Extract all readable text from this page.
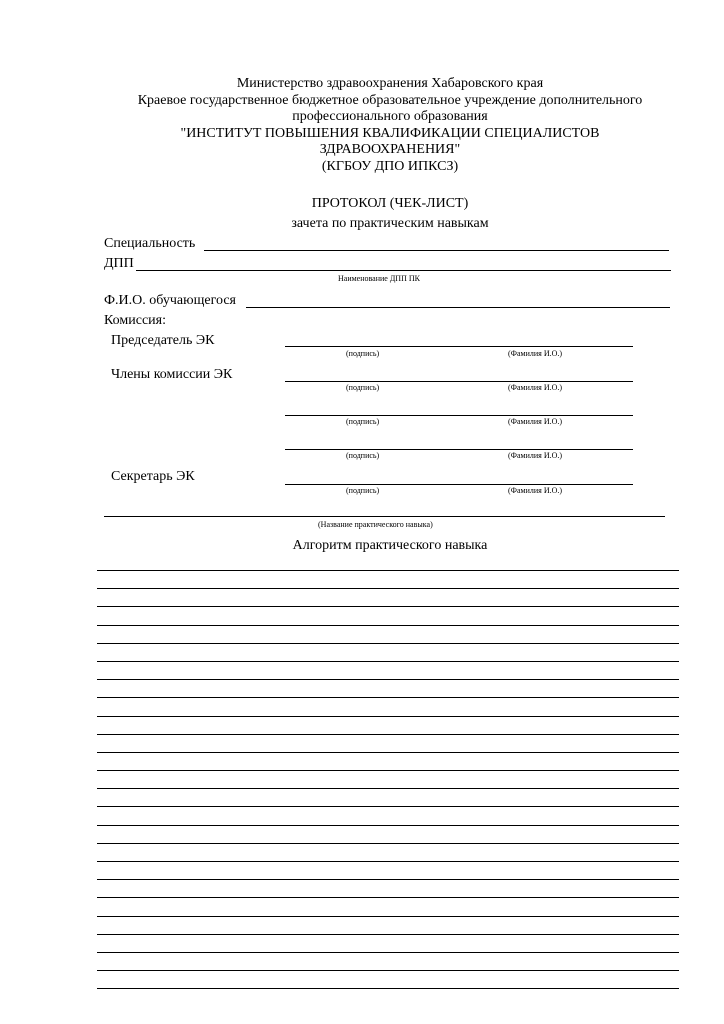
Министерство здравоохранения Хабаровского края
Краевое государственное бюджетное образовательное учреждение дополнительного
профессионального образования
"ИНСТИТУТ ПОВЫШЕНИЯ КВАЛИФИКАЦИИ СПЕЦИАЛИСТОВ
ЗДРАВООХРАНЕНИЯ"
(КГБОУ ДПО ИПКСЗ)
ПРОТОКОЛ (ЧЕК-ЛИСТ)
зачета по практическим навыкам
Специальность
ДПП
Наименование ДПП ПК
Ф.И.О. обучающегося
Комиссия:
Председатель ЭК
(подпись)	(Фамилия И.О.)
Члены комиссии ЭК
(подпись)	(Фамилия И.О.)
(подпись)	(Фамилия И.О.)
(подпись)	(Фамилия И.О.)
Секретарь ЭК
(подпись)	(Фамилия И.О.)
(Название практического навыка)
Алгоритм практического навыка
